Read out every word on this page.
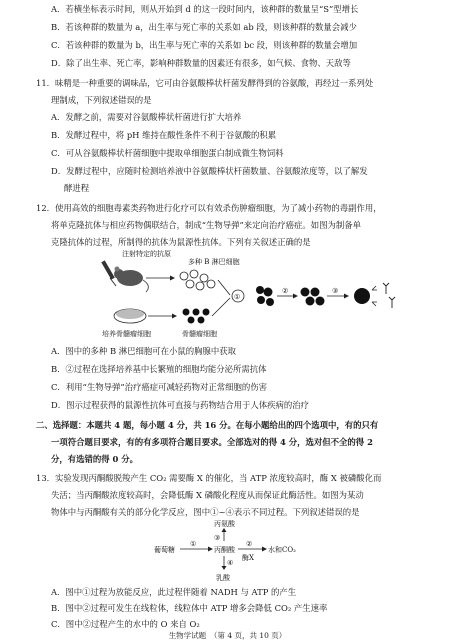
A．若横坐标表示时间，则从开始到 d 的这一段时间内，该种群的数量呈“S”型增长
B．若该种群的数量为 a，出生率与死亡率的关系如 ab 段，则该种群的数量会减少
C．若该种群的数量为 b，出生率与死亡率的关系如 bc 段，则该种群的数量会增加
D．除了出生率、死亡率，影响种群数量的因素还有很多，如气候、食物、天敌等
11．味精是一种重要的调味品，它可由谷氨酸棒状杆菌发酵得到的谷氨酸，再经过一系列处
理制成，下列叙述错误的是
A．发酵之前，需要对谷氨酸棒状杆菌进行扩大培养
B．发酵过程中，将 pH 维持在酸性条件不利于谷氨酸的积累
C．可从谷氨酸棒状杆菌细胞中提取单细胞蛋白制成微生物饲料
D．发酵过程中，应随时检测培养液中谷氨酸棒状杆菌数量、谷氨酸浓度等，以了解发
酵进程
12．使用高效的细胞毒素类药物进行化疗可以有效杀伤肿瘤细胞，为了减小药物的毒副作用，
将单克隆抗体与相应药物偶联结合，制成“生物导弹”来定向治疗癌症。如图为制备单
克隆抗体的过程，所制得的抗体为鼠源性抗体。下列有关叙述正确的是
注射特定的抗原
多种 B 淋巴细胞
培养骨髓瘤细胞	骨髓瘤细胞
①
②	③
A．图中的多种 B 淋巴细胞可在小鼠的胸腺中获取
B．②过程在选择培养基中长繁殖的细胞均能分泌所需抗体
C．利用“生物导弹”治疗癌症可减轻药物对正常细胞的伤害
D．图示过程获得的鼠源性抗体可直接与药物结合用于人体疾病的治疗
二、选择题：本题共 4 题，每小题 4 分，共 16 分。在每小题给出的四个选项中，有的只有
一项符合题目要求，有的有多项符合题目要求。全部选对的得 4 分，选对但不全的得 2
分，有选错的得 0 分。
13．实验发现丙酮酸脱羧产生 CO₂ 需要酶 X 的催化，当 ATP 浓度较高时，酶 X 被磷酸化而
失活；当丙酮酸浓度较高时，会降低酶 X 磷酸化程度从而保证此酶活性。如图为某动
物体中与丙酮酸有关的部分化学反应，图中①~④表示不同过程。下列叙述错误的是
丙氨酸
葡萄糖
①
丙酮酸
②
酶X
水和CO₂
③
④
乳酸
A．图中①过程为放能反应，此过程伴随着 NADH 与 ATP 的产生
B．图中②过程可发生在线粒体，线粒体中 ATP 增多会降低 CO₂ 产生速率
C．图中②过程产生的水中的 O 来自 O₂
生物学试题　（第 4 页，共 10 页）
